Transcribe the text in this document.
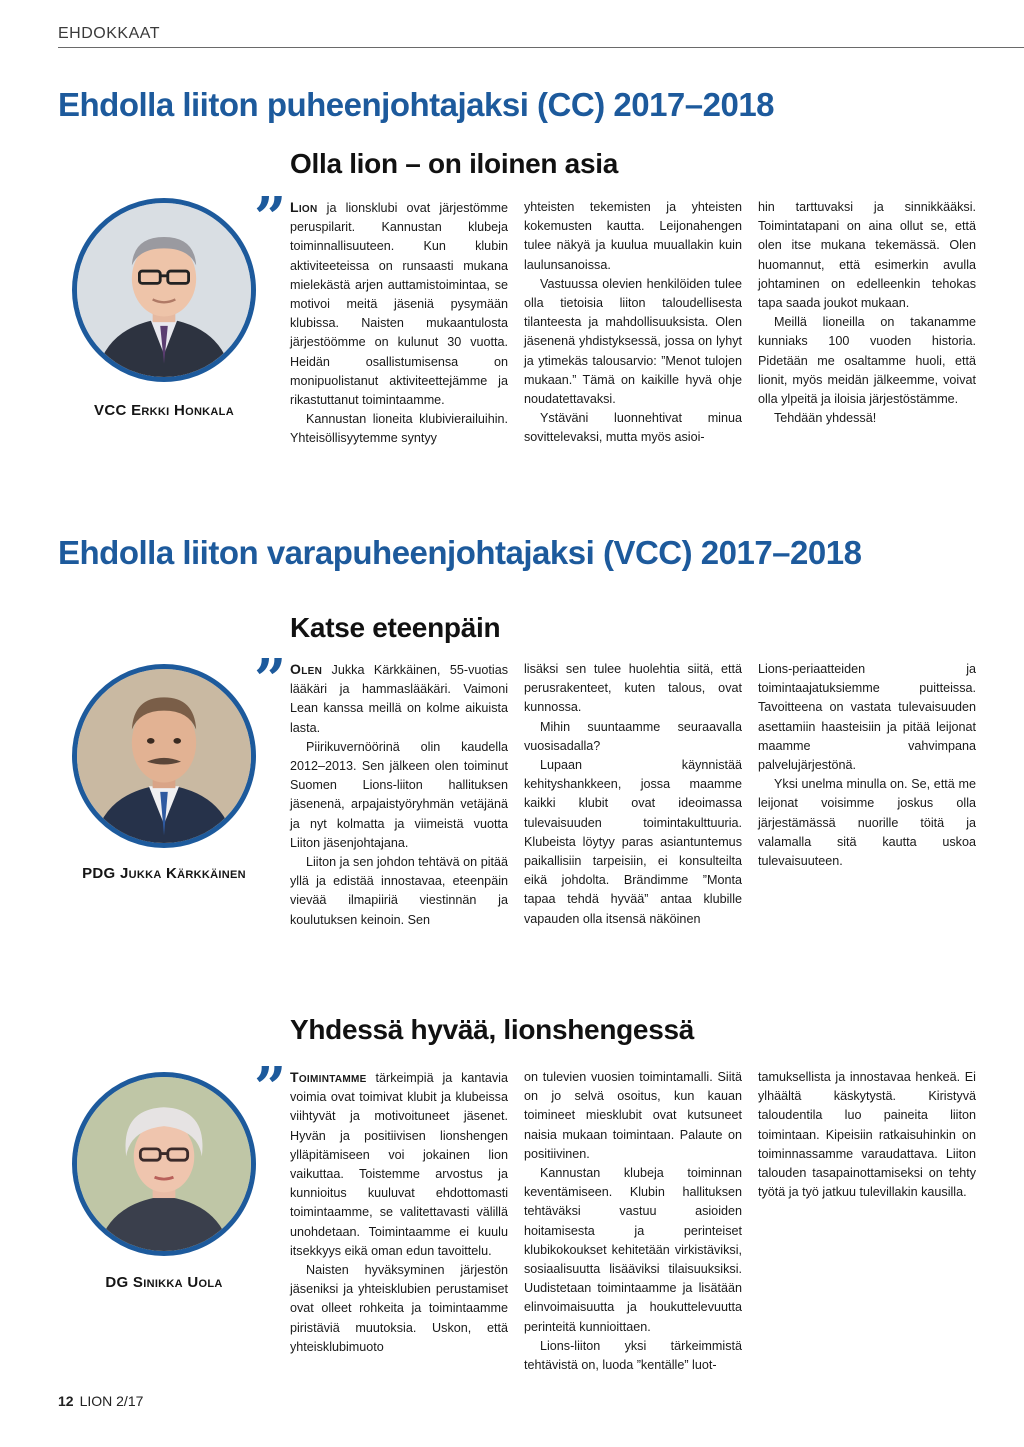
EHDOKKAAT
Ehdolla liiton puheenjohtajaksi (CC) 2017–2018
Olla lion – on iloinen asia
VCC Erkki Honkala
” Lion ja lionsklubi ovat järjestömme peruspilarit. Kannustan klubeja toiminnallisuuteen. Kun klubin aktiviteeteissa on runsaasti mukana mielekästä arjen auttamistoimintaa, se motivoi meitä jäseniä pysymään klubissa. Naisten mukaantulosta järjestöömme on kulunut 30 vuotta. Heidän osallistumisensa on monipuolistanut aktiviteettejämme ja rikastuttanut toimintaamme.

Kannustan lioneita klubivierailuihin. Yhteisöllisyytemme syntyy

yhteisten tekemisten ja yhteisten kokemusten kautta. Leijonahengen tulee näkyä ja kuulua muuallakin kuin laulunsanoissa.

Vastuussa olevien henkilöiden tulee olla tietoisia liiton taloudellisesta tilanteesta ja mahdollisuuksista. Olen jäsenenä yhdistyksessä, jossa on lyhyt ja ytimekäs talousarvio: ”Menot tulojen mukaan.” Tämä on kaikille hyvä ohje noudatettavaksi.

Ystäväni luonnehtivat minua sovittelevaksi, mutta myös asioi-

hin tarttuvaksi ja sinnikkääksi. Toimintatapani on aina ollut se, että olen itse mukana tekemässä. Olen huomannut, että esimerkin avulla johtaminen on edelleenkin tehokas tapa saada joukot mukaan.

Meillä lioneilla on takanamme kunniaks 100 vuoden historia. Pidetään me osaltamme huoli, että lionit, myös meidän jälkeemme, voivat olla ylpeitä ja iloisia järjestöstämme.

Tehdään yhdessä!

Ehdolla liiton varapuheenjohtajaksi (VCC) 2017–2018
Katse eteenpäin
PDG Jukka Kärkkäinen
” Olen Jukka Kärkkäinen, 55-vuotias lääkäri ja hammaslääkäri. Vaimoni Lean kanssa meillä on kolme aikuista lasta.

Piirikuvernöörinä olin kaudella 2012–2013. Sen jälkeen olen toiminut Suomen Lions-liiton hallituksen jäsenenä, arpajaistyöryhmän vetäjänä ja nyt kolmatta ja viimeistä vuotta Liiton jäsenjohtajana.

Liiton ja sen johdon tehtävä on pitää yllä ja edistää innostavaa, eteenpäin vievää ilmapiiriä viestinnän ja koulutuksen keinoin. Sen

lisäksi sen tulee huolehtia siitä, että perusrakenteet, kuten talous, ovat kunnossa.

Mihin suuntaamme seuraavalla vuosisadalla?

Lupaan käynnistää kehityshankkeen, jossa maamme kaikki klubit ovat ideoimassa tulevaisuuden toimintakulttuuria. Klubeista löytyy paras asiantuntemus paikallisiin tarpeisiin, ei konsulteilta eikä johdolta. Brändimme ”Monta tapaa tehdä hyvää” antaa klubille vapauden olla itsensä näköinen

Lions-periaatteiden ja toimintaajatuksiemme puitteissa. Tavoitteena on vastata tulevaisuuden asettamiin haasteisiin ja pitää leijonat maamme vahvimpana palvelujärjestönä.

Yksi unelma minulla on. Se, että me leijonat voisimme joskus olla järjestämässä nuorille töitä ja valamalla sitä kautta uskoa tulevaisuuteen.

Yhdessä hyvää, lionshengessä
DG Sinikka Uola
” Toimintamme tärkeimpiä ja kantavia voimia ovat toimivat klubit ja klubeissa viihtyvät ja motivoituneet jäsenet. Hyvän ja positiivisen lionshengen ylläpitämiseen voi jokainen lion vaikuttaa. Toistemme arvostus ja kunnioitus kuuluvat ehdottomasti toimintaamme, se valitettavasti välillä unohdetaan. Toimintaamme ei kuulu itsekkyys eikä oman edun tavoittelu.

Naisten hyväksyminen järjestön jäseniksi ja yhteisklubien perustamiset ovat olleet rohkeita ja toimintaamme piristäviä muutoksia. Uskon, että yhteisklubimuoto

on tulevien vuosien toimintamalli. Siitä on jo selvä osoitus, kun kauan toimineet miesklubit ovat kutsuneet naisia mukaan toimintaan. Palaute on positiivinen.

Kannustan klubeja toiminnan keventämiseen. Klubin hallituksen tehtäväksi vastuu asioiden hoitamisesta ja perinteiset klubikokoukset kehitetään virkistäviksi, sosiaalisuutta lisääviksi tilaisuuksiksi. Uudistetaan toimintaamme ja lisätään elinvoimaisuutta ja houkuttelevuutta perinteitä kunnioittaen.

Lions-liiton yksi tärkeimmistä tehtävistä on, luoda ”kentälle” luot-

tamuksellista ja innostavaa henkeä. Ei ylhäältä käskytystä. Kiristyvä taloudentila luo paineita liiton toimintaan. Kipeisiin ratkaisuhinkin on toiminnassamme varaudattava. Liiton talouden tasapainottamiseksi on tehty työtä ja työ jatkuu tulevillakin kausilla.

12 LION 2/17
